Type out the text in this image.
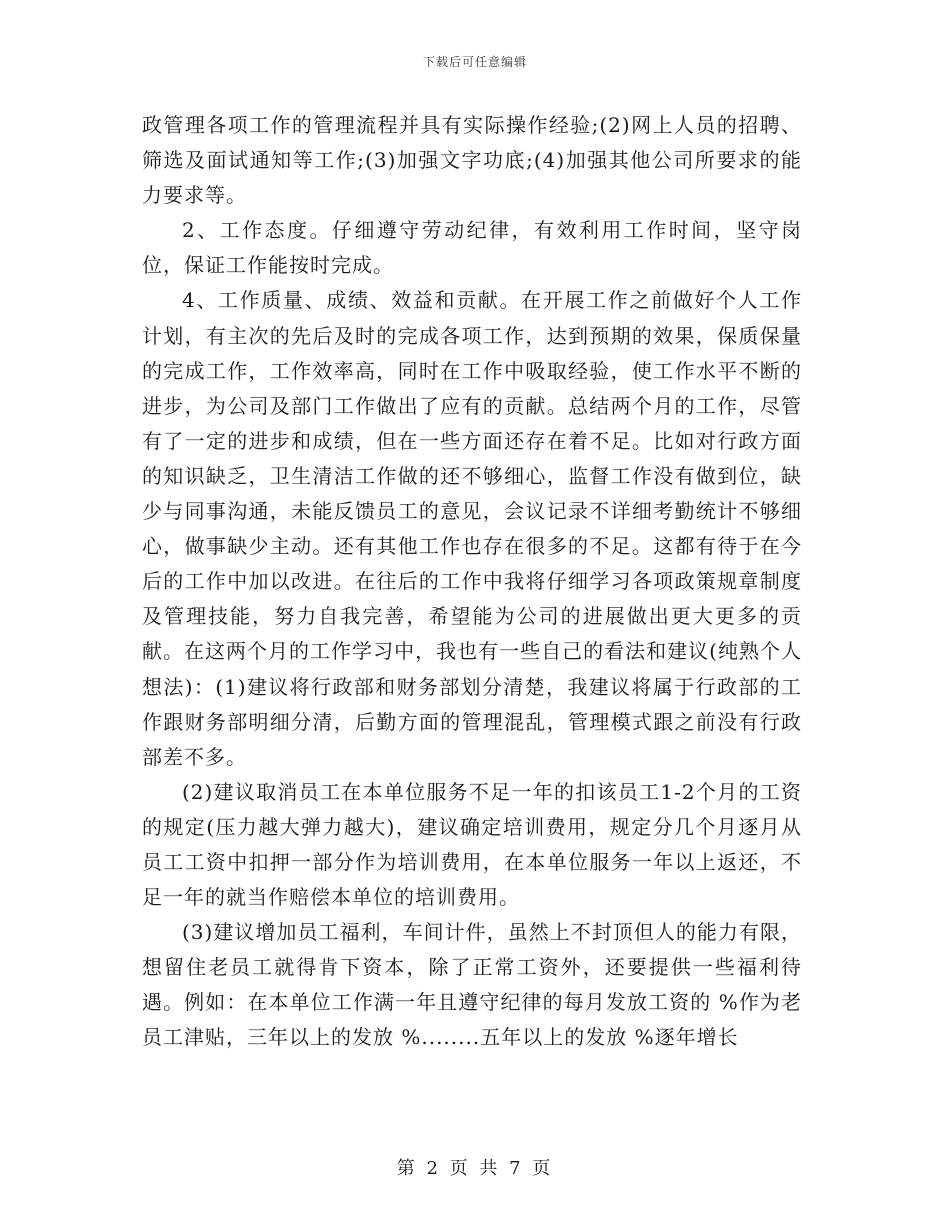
下载后可任意编辑

政管理各项工作的管理流程并具有实际操作经验;(2)网上人员的招聘、筛选及面试通知等工作;(3)加强文字功底;(4)加强其他公司所要求的能力要求等。

2、工作态度。仔细遵守劳动纪律，有效利用工作时间，坚守岗位，保证工作能按时完成。

4、工作质量、成绩、效益和贡献。在开展工作之前做好个人工作计划，有主次的先后及时的完成各项工作，达到预期的效果，保质保量的完成工作，工作效率高，同时在工作中吸取经验，使工作水平不断的进步，为公司及部门工作做出了应有的贡献。总结两个月的工作，尽管有了一定的进步和成绩，但在一些方面还存在着不足。比如对行政方面的知识缺乏，卫生清洁工作做的还不够细心，监督工作没有做到位，缺少与同事沟通，未能反馈员工的意见，会议记录不详细考勤统计不够细心，做事缺少主动。还有其他工作也存在很多的不足。这都有待于在今后的工作中加以改进。在往后的工作中我将仔细学习各项政策规章制度及管理技能，努力自我完善，希望能为公司的进展做出更大更多的贡献。在这两个月的工作学习中，我也有一些自己的看法和建议(纯熟个人想法)：(1)建议将行政部和财务部划分清楚，我建议将属于行政部的工作跟财务部明细分清，后勤方面的管理混乱，管理模式跟之前没有行政部差不多。

(2)建议取消员工在本单位服务不足一年的扣该员工1-2个月的工资的规定(压力越大弹力越大)，建议确定培训费用，规定分几个月逐月从员工工资中扣押一部分作为培训费用，在本单位服务一年以上返还，不足一年的就当作赔偿本单位的培训费用。

(3)建议增加员工福利，车间计件，虽然上不封顶但人的能力有限，想留住老员工就得肯下资本，除了正常工资外，还要提供一些福利待遇。例如：在本单位工作满一年且遵守纪律的每月发放工资的 %作为老员工津贴，三年以上的发放 %........五年以上的发放 %逐年增长

第 2 页 共 7 页
